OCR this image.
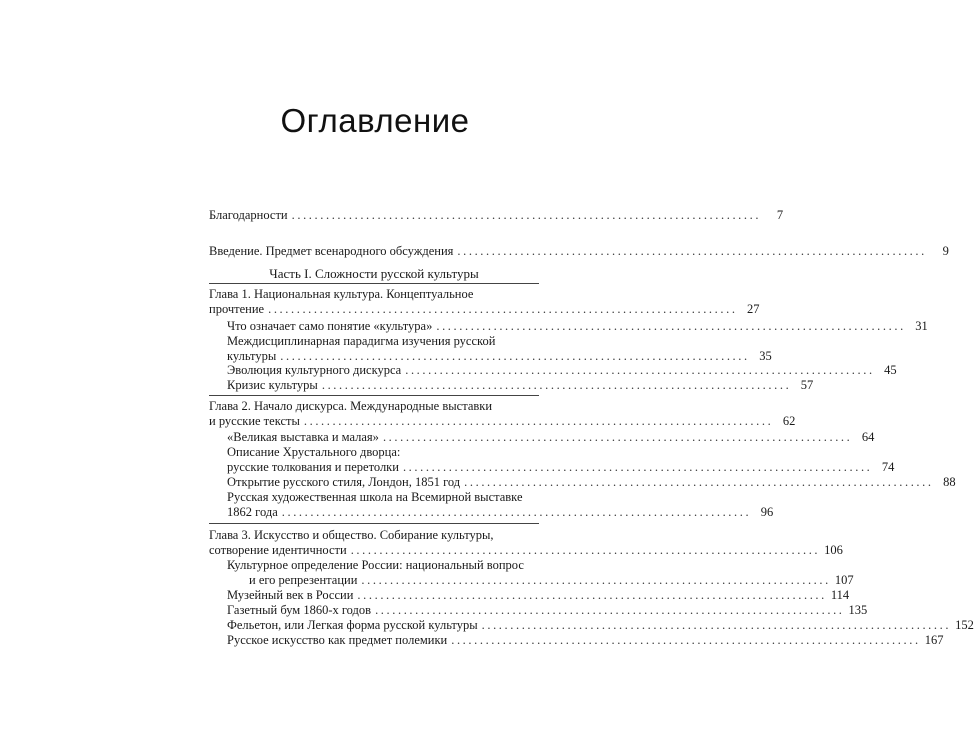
Оглавление
Благодарности ..................................................................................	7
Введение. Предмет всенародного обсуждения ..................................................................................	9
Часть I. Сложности русской культуры
Глава 1. Национальная культура. Концептуальное
прочтение .................................................................................. 27
Что означает само понятие «культура» .................................................................................. 31
Междисциплинарная парадигма изучения русской
культуры .................................................................................. 35
Эволюция культурного дискурса .................................................................................. 45
Кризис культуры .................................................................................. 57
Глава 2. Начало дискурса. Международные выставки
и русские тексты .................................................................................. 62
«Великая выставка и малая» .................................................................................. 64
Описание Хрустального дворца:
русские толкования и перетолки .................................................................................. 74
Открытие русского стиля, Лондон, 1851 год .................................................................................. 88
Русская художественная школа на Всемирной выставке
1862 года .................................................................................. 96
Глава 3. Искусство и общество. Собирание культуры,
сотворение идентичности .................................................................................. 106
Культурное определение России: национальный вопрос
и его репрезентации .................................................................................. 107
Музейный век в России .................................................................................. 114
Газетный бум 1860-х годов .................................................................................. 135
Фельетон, или Легкая форма русской культуры .................................................................................. 152
Русское искусство как предмет полемики .................................................................................. 167
